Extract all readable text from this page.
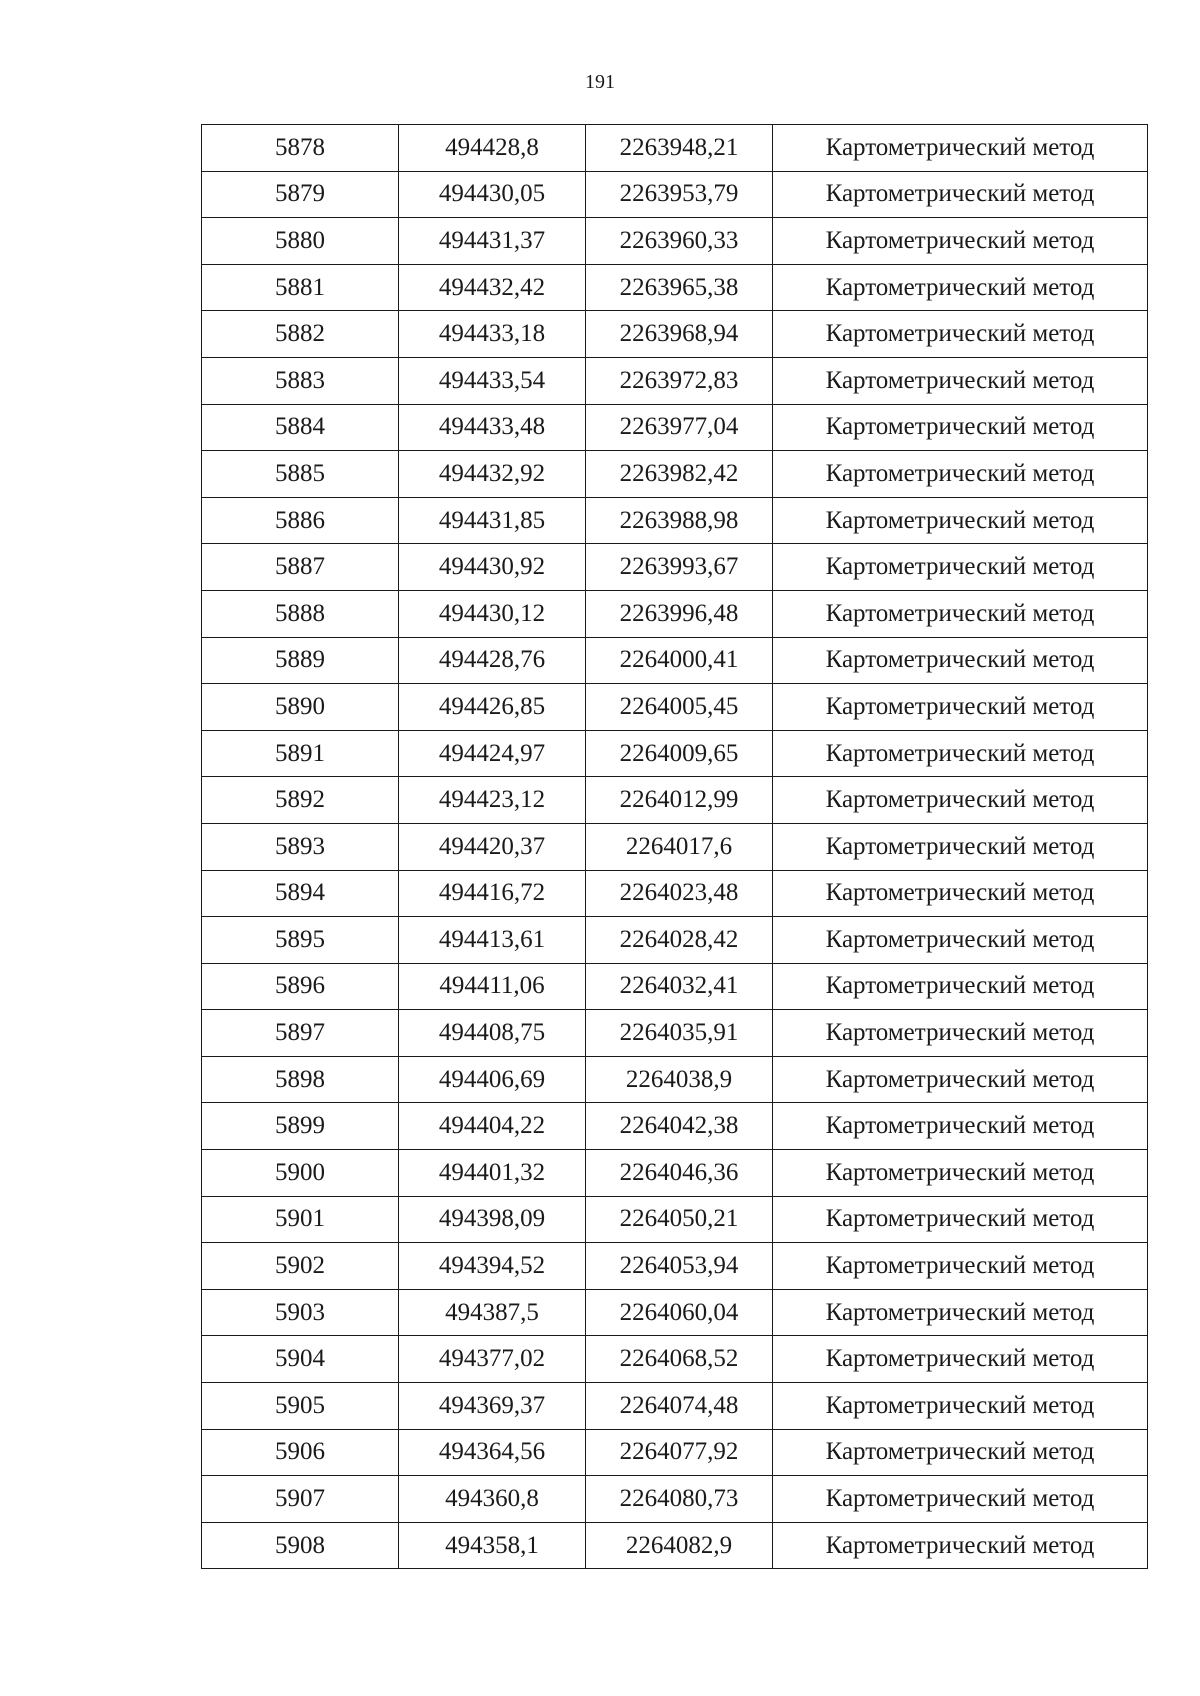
191
5878	494428,8	2263948,21	Картометрический метод
5879	494430,05	2263953,79	Картометрический метод
5880	494431,37	2263960,33	Картометрический метод
5881	494432,42	2263965,38	Картометрический метод
5882	494433,18	2263968,94	Картометрический метод
5883	494433,54	2263972,83	Картометрический метод
5884	494433,48	2263977,04	Картометрический метод
5885	494432,92	2263982,42	Картометрический метод
5886	494431,85	2263988,98	Картометрический метод
5887	494430,92	2263993,67	Картометрический метод
5888	494430,12	2263996,48	Картометрический метод
5889	494428,76	2264000,41	Картометрический метод
5890	494426,85	2264005,45	Картометрический метод
5891	494424,97	2264009,65	Картометрический метод
5892	494423,12	2264012,99	Картометрический метод
5893	494420,37	2264017,6	Картометрический метод
5894	494416,72	2264023,48	Картометрический метод
5895	494413,61	2264028,42	Картометрический метод
5896	494411,06	2264032,41	Картометрический метод
5897	494408,75	2264035,91	Картометрический метод
5898	494406,69	2264038,9	Картометрический метод
5899	494404,22	2264042,38	Картометрический метод
5900	494401,32	2264046,36	Картометрический метод
5901	494398,09	2264050,21	Картометрический метод
5902	494394,52	2264053,94	Картометрический метод
5903	494387,5	2264060,04	Картометрический метод
5904	494377,02	2264068,52	Картометрический метод
5905	494369,37	2264074,48	Картометрический метод
5906	494364,56	2264077,92	Картометрический метод
5907	494360,8	2264080,73	Картометрический метод
5908	494358,1	2264082,9	Картометрический метод
